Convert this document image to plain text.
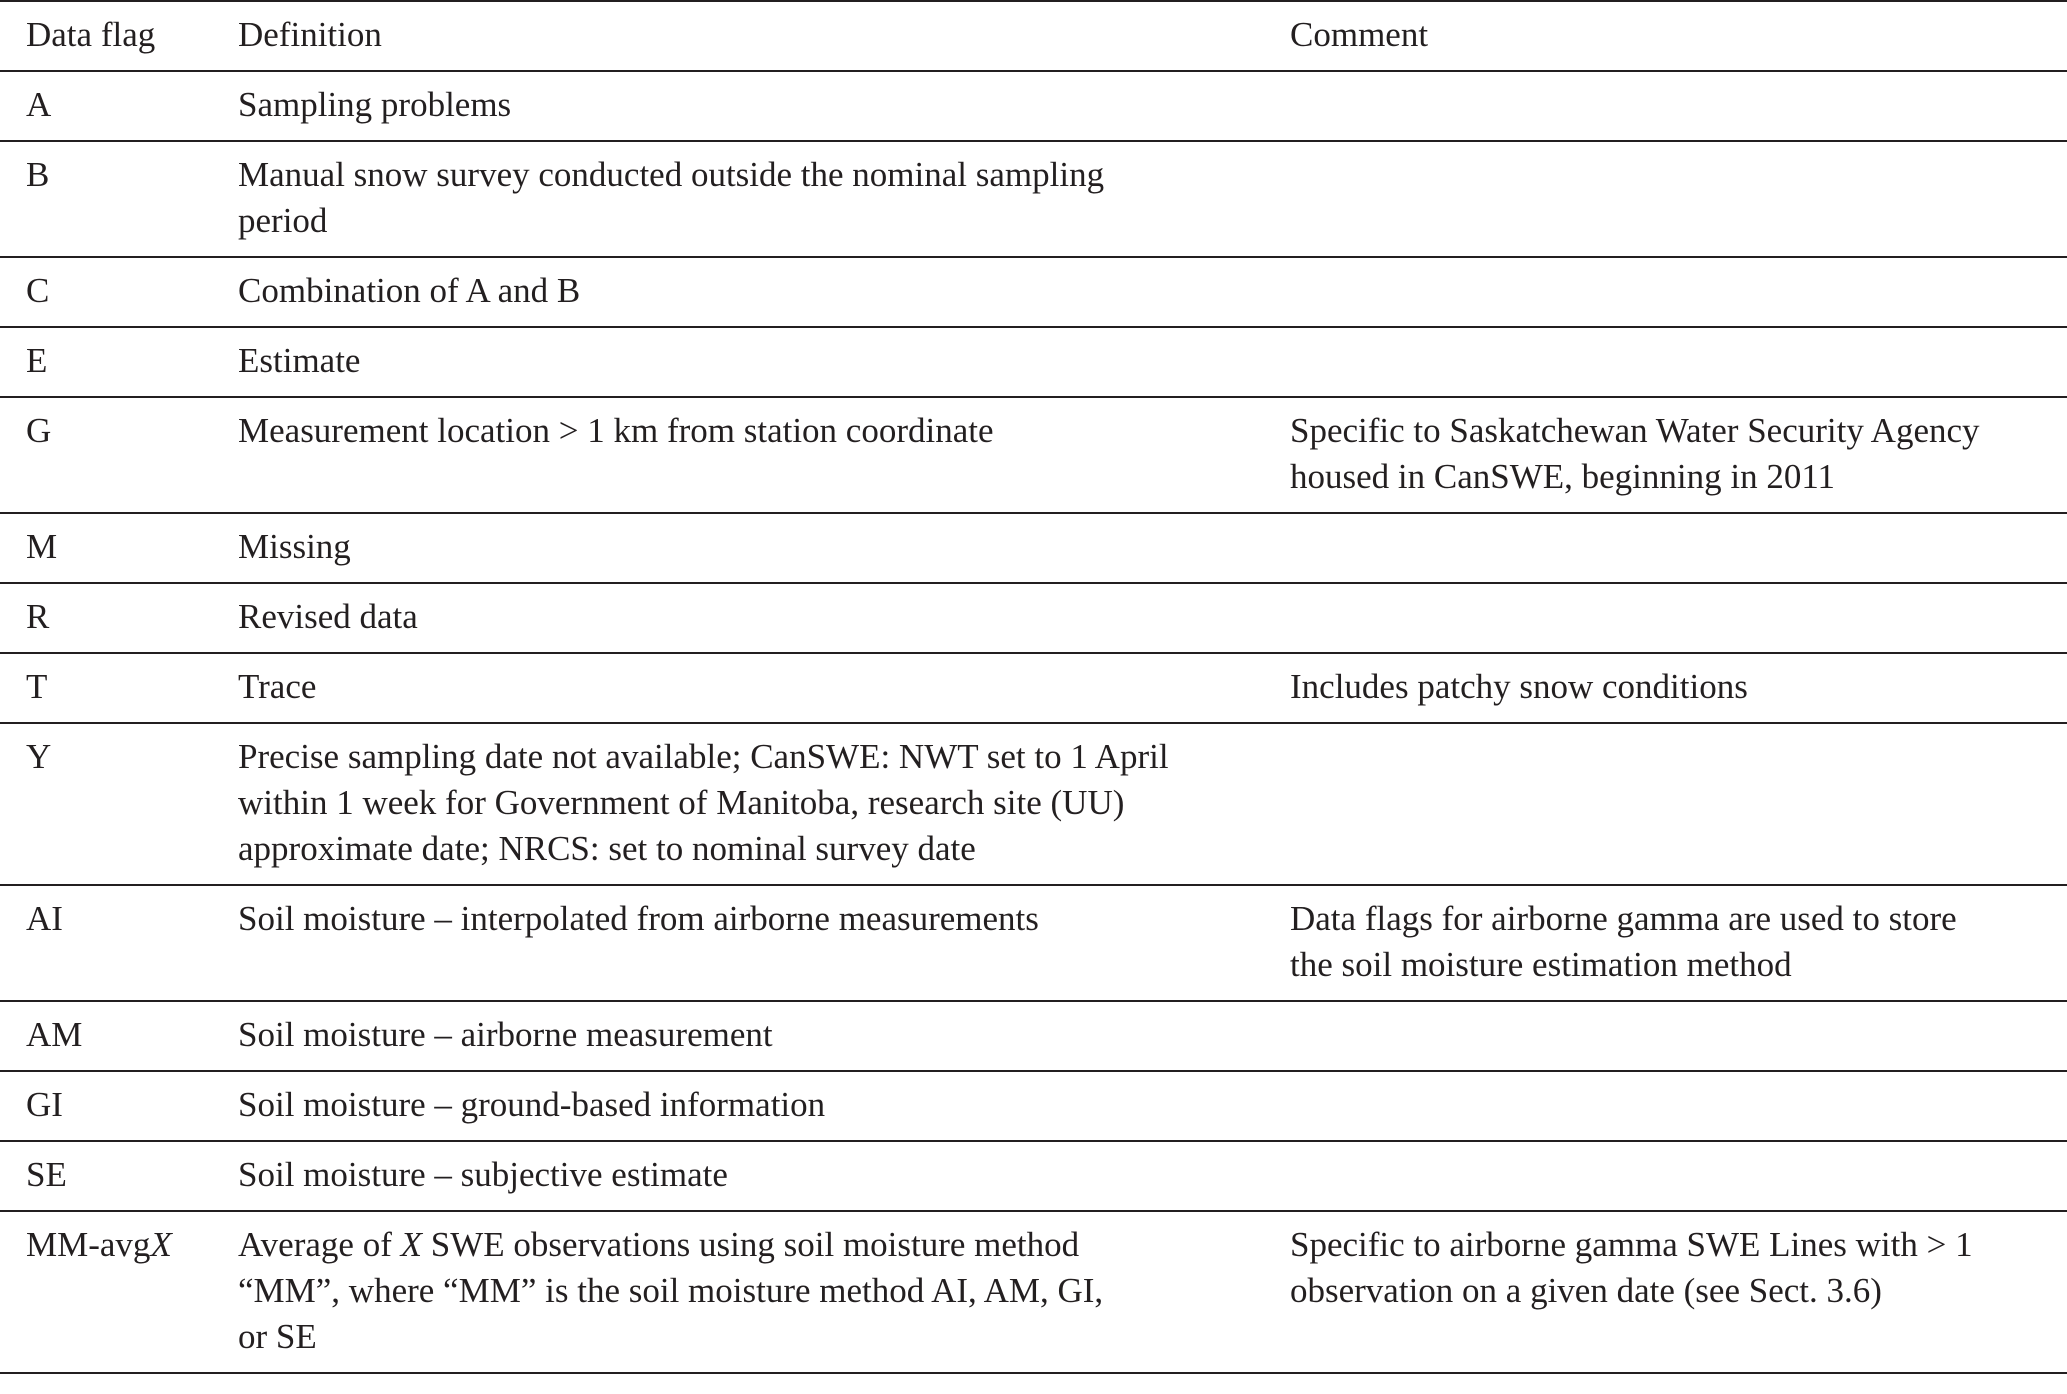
Data flag	Definition	Comment
A	Sampling problems	
B	Manual snow survey conducted outside the nominal sampling
period	
C	Combination of A and B	
E	Estimate	
G	Measurement location > 1 km from station coordinate	Specific to Saskatchewan Water Security Agency
housed in CanSWE, beginning in 2011
M	Missing	
R	Revised data	
T	Trace	Includes patchy snow conditions
Y	Precise sampling date not available; CanSWE: NWT set to 1 April
within 1 week for Government of Manitoba, research site (UU)
approximate date; NRCS: set to nominal survey date	
AI	Soil moisture – interpolated from airborne measurements	Data flags for airborne gamma are used to store
the soil moisture estimation method
AM	Soil moisture – airborne measurement	
GI	Soil moisture – ground-based information	
SE	Soil moisture – subjective estimate	
MM-avgX	Average of X SWE observations using soil moisture method
“MM”, where “MM” is the soil moisture method AI, AM, GI,
or SE	Specific to airborne gamma SWE Lines with > 1
observation on a given date (see Sect. 3.6)
